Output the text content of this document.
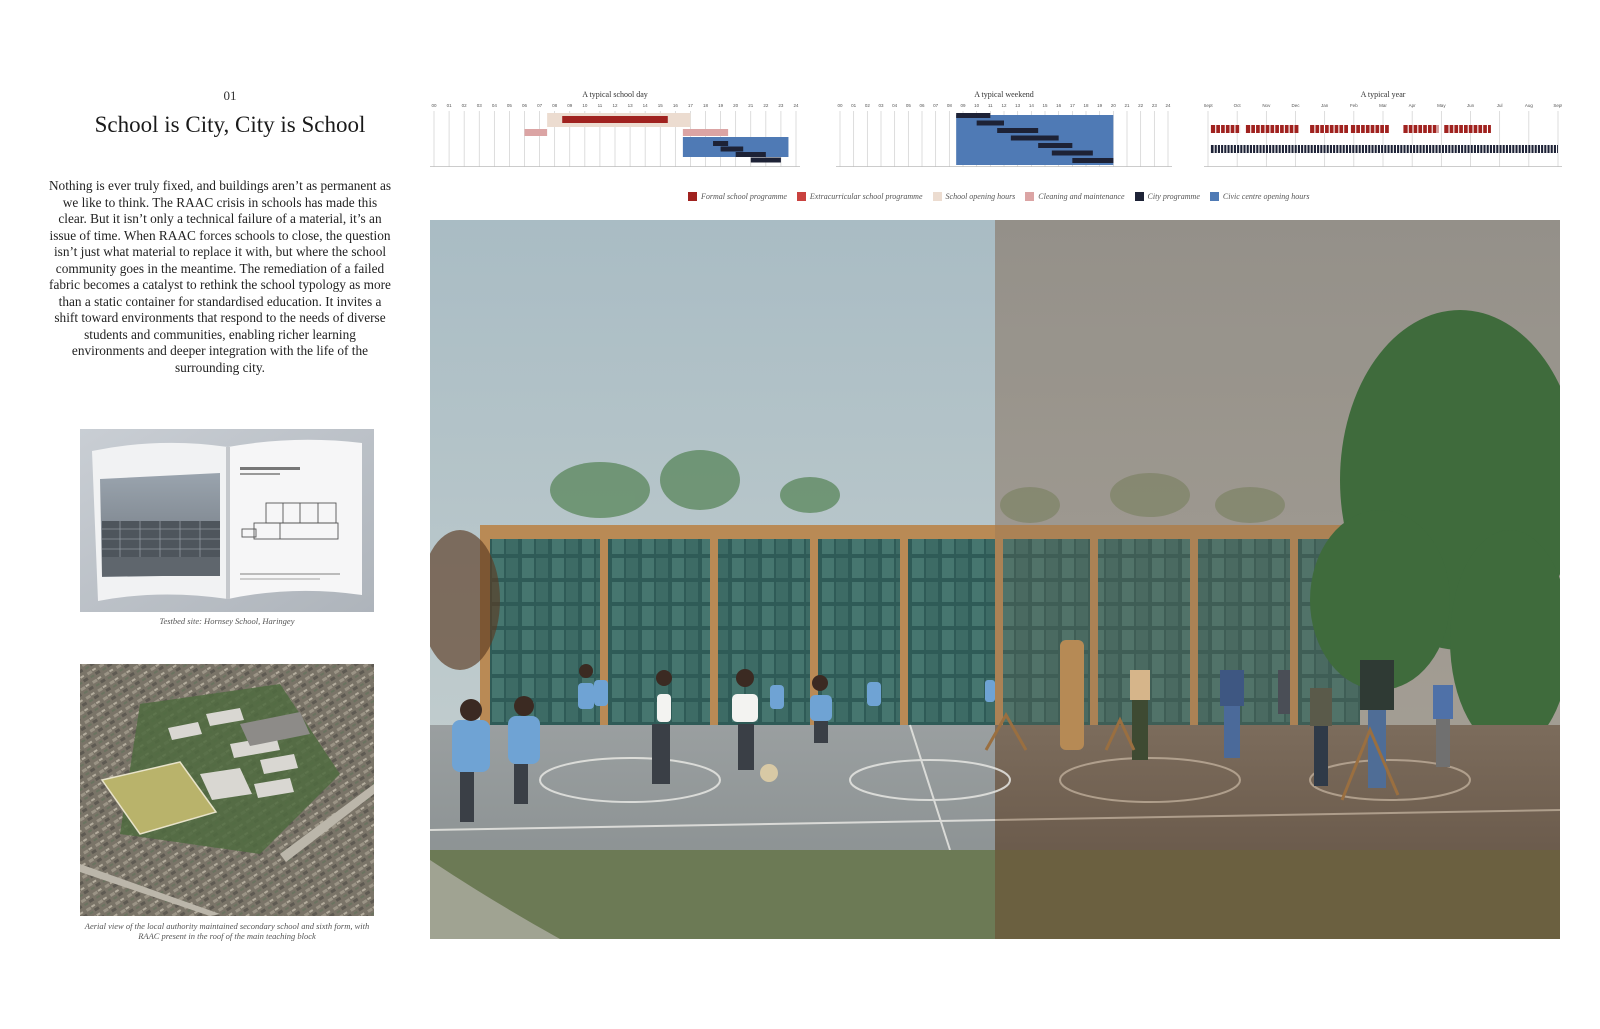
01
School is City, City is School

Nothing is ever truly fixed, and buildings aren’t as permanent as we like to think. The RAAC crisis in schools has made this clear. But it isn’t only a technical failure of a material, it’s an issue of time. When RAAC forces schools to close, the question isn’t just what material to replace it with, but where the school community goes in the meantime. The remediation of a failed fabric becomes a catalyst to rethink the school typology as more than a static container for standardised education. It invites a shift toward environments that respond to the needs of diverse students and communities, enabling richer learning environments and deeper integration with the life of the surrounding city.

Testbed site: Hornsey School, Haringey
Aerial view of the local authority maintained secondary school and sixth form, with RAAC present in the roof of the main teaching block
A typical school day
00 01 02 03 04 05 06 07 08 09 10 11 12 13 14 15 16 17 18 19 20 21 22 23 24
A typical weekend
00 01 02 03 04 05 06 07 08 09 10 11 12 13 14 15 16 17 18 19 20 21 22 23 24
A typical year
Sept	Oct	Nov	Dec	Jan	Feb	Mar	Apr	May	Jun	Jul	Aug	Sept
Formal school programme	Extracurricular school programme	School opening hours	Cleaning and maintenance	City programme	Civic centre opening hours
